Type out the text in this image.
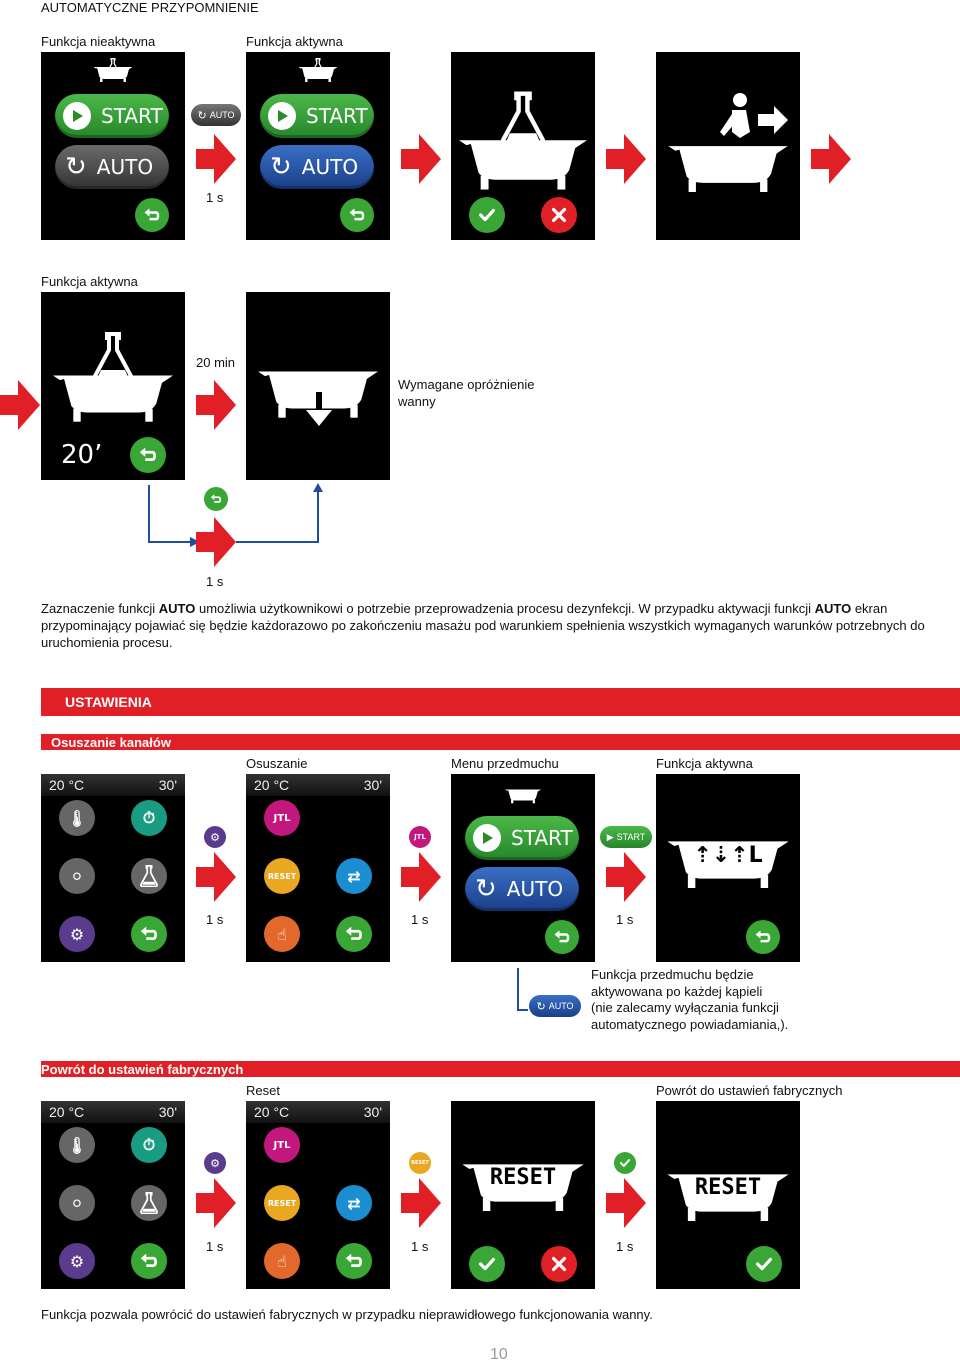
AUTOMATYCZNE PRZYPOMNIENIE
Funkcja nieaktywna	Funkcja aktywna
START
↻ AUTO
↻ AUTO
1 s
START
↻ AUTO
Funkcja aktywna
20’
20 min
Wymagane opróżnienie
wanny
1 s
Zaznaczenie funkcji AUTO umożliwia użytkownikowi o potrzebie przeprowadzenia procesu dezynfekcji. W przypadku aktywacji funkcji AUTO ekran przypominający pojawiać się będzie każdorazowo po zakończeniu masażu pod warunkiem spełnienia wszystkich wymaganych warunków potrzebnych do uruchomienia procesu.
USTAWIENIA
Osuszanie kanałów
Osuszanie	Menu przedmuchu	Funkcja aktywna
20 °C	30'
🌡	⏱
⚪
⚙
⚙
1 s
20 °C	30'
JTL
RESET	⇄
☝
JTL
1 s
START
↻ AUTO
▶ START
1 s
⇡⇣⇡L
↻ AUTO
Funkcja przedmuchu będzie
aktywowana po każdej kąpieli
(nie zalecamy wyłączania funkcji
automatycznego powiadamiania,).
Powrót do ustawień fabrycznych
Reset	Powrót do ustawień fabrycznych
20 °C	30'
🌡	⏱
⚪
⚙
⚙
1 s
20 °C	30'
JTL
RESET	⇄
☝
RESET
1 s
RESET
1 s
RESET
Funkcja pozwala powrócić do ustawień fabrycznych w przypadku nieprawidłowego funkcjonowania wanny.
10
